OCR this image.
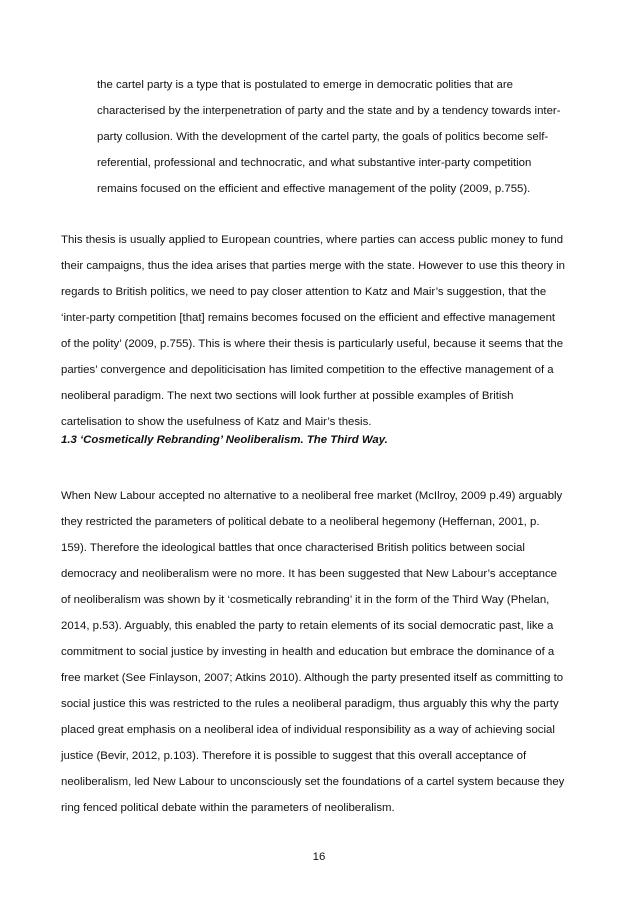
the cartel party is a type that is postulated to emerge in democratic polities that are
characterised by the interpenetration of party and the state and by a tendency towards inter-
party collusion. With the development of the cartel party, the goals of politics become self-
referential, professional and technocratic, and what substantive inter-party competition
remains focused on the efficient and effective management of the polity (2009, p.755).
This thesis is usually applied to European countries, where parties can access public money to fund
their campaigns, thus the idea arises that parties merge with the state. However to use this theory in
regards to British politics, we need to pay closer attention to Katz and Mair’s suggestion, that the
‘inter-party competition [that] remains becomes focused on the efficient and effective management
of the polity’ (2009, p.755). This is where their thesis is particularly useful, because it seems that the
parties’ convergence and depoliticisation has limited competition to the effective management of a
neoliberal paradigm. The next two sections will look further at possible examples of British
cartelisation to show the usefulness of Katz and Mair’s thesis.
1.3 ‘Cosmetically Rebranding’ Neoliberalism. The Third Way.
When New Labour accepted no alternative to a neoliberal free market (McIlroy, 2009 p.49) arguably
they restricted the parameters of political debate to a neoliberal hegemony (Heffernan, 2001, p.
159). Therefore the ideological battles that once characterised British politics between social
democracy and neoliberalism were no more. It has been suggested that New Labour’s acceptance
of neoliberalism was shown by it ‘cosmetically rebranding’ it in the form of the Third Way (Phelan,
2014, p.53). Arguably, this enabled the party to retain elements of its social democratic past, like a
commitment to social justice by investing in health and education but embrace the dominance of a
free market (See Finlayson, 2007; Atkins 2010). Although the party presented itself as committing to
social justice this was restricted to the rules a neoliberal paradigm, thus arguably this why the party
placed great emphasis on a neoliberal idea of individual responsibility as a way of achieving social
justice (Bevir, 2012, p.103). Therefore it is possible to suggest that this overall acceptance of
neoliberalism, led New Labour to unconsciously set the foundations of a cartel system because they
ring fenced political debate within the parameters of neoliberalism.
16
